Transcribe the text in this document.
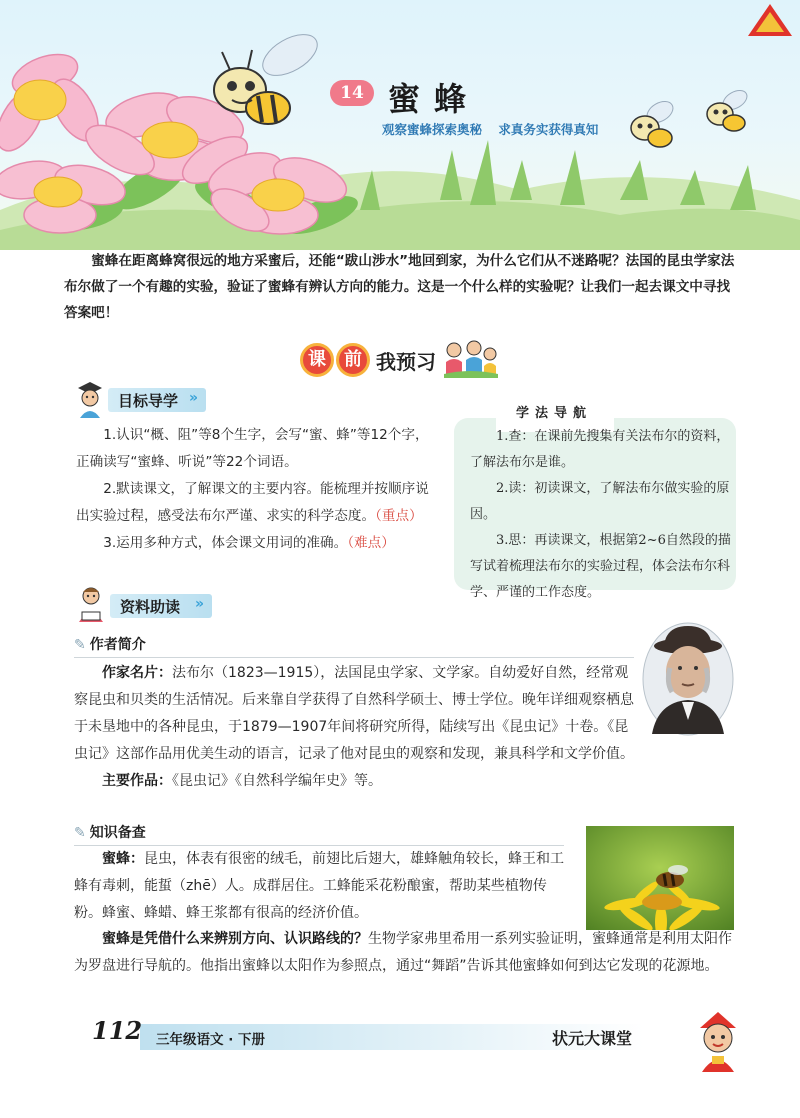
14 蜜蜂
观察蜜蜂探索奥秘 求真务实获得真知
蜜蜂在距离蜂窝很远的地方采蜜后，还能“跋山涉水”地回到家，为什么它们从不迷路呢？法国的昆虫学家法布尔做了一个有趣的实验，验证了蜜蜂有辨认方向的能力。这是一个什么样的实验呢？让我们一起去课文中寻找答案吧！
课	前 我预习
目标导学 »

1.认识“概、阻”等8个生字，会写“蜜、蜂”等12个字，正确读写“蜜蜂、听说”等22个词语。

2.默读课文，了解课文的主要内容。能梳理并按顺序说出实验过程，感受法布尔严谨、求实的科学态度。（重点）

3.运用多种方式，体会课文用词的准确。（难点）

学法导航

1.查：在课前先搜集有关法布尔的资料，了解法布尔是谁。

2.读：初读课文，了解法布尔做实验的原因。

3.思：再读课文，根据第2~6自然段的描写试着梳理法布尔的实验过程，体会法布尔科学、严谨的工作态度。

资料助读 »
✎ 作者简介

作家名片：法布尔（1823—1915），法国昆虫学家、文学家。自幼爱好自然，经常观察昆虫和贝类的生活情况。后来靠自学获得了自然科学硕士、博士学位。晚年详细观察栖息于未垦地中的各种昆虫，于1879—1907年间将研究所得，陆续写出《昆虫记》十卷。《昆虫记》这部作品用优美生动的语言，记录了他对昆虫的观察和发现，兼具科学和文学价值。

主要作品：《昆虫记》《自然科学编年史》等。

✎ 知识备查

蜜蜂：昆虫，体表有很密的绒毛，前翅比后翅大，雄蜂触角较长，蜂王和工蜂有毒刺，能蜇（zhē）人。成群居住。工蜂能采花粉酿蜜，帮助某些植物传粉。蜂蜜、蜂蜡、蜂王浆都有很高的经济价值。

蜜蜂是凭借什么来辨别方向、认识路线的？生物学家弗里希用一系列实验证明，蜜蜂通常是利用太阳作为罗盘进行导航的。他指出蜜蜂以太阳作为参照点，通过“舞蹈”告诉其他蜜蜂如何到达它发现的花源地。

112 三年级语文 · 下册	状元大课堂
